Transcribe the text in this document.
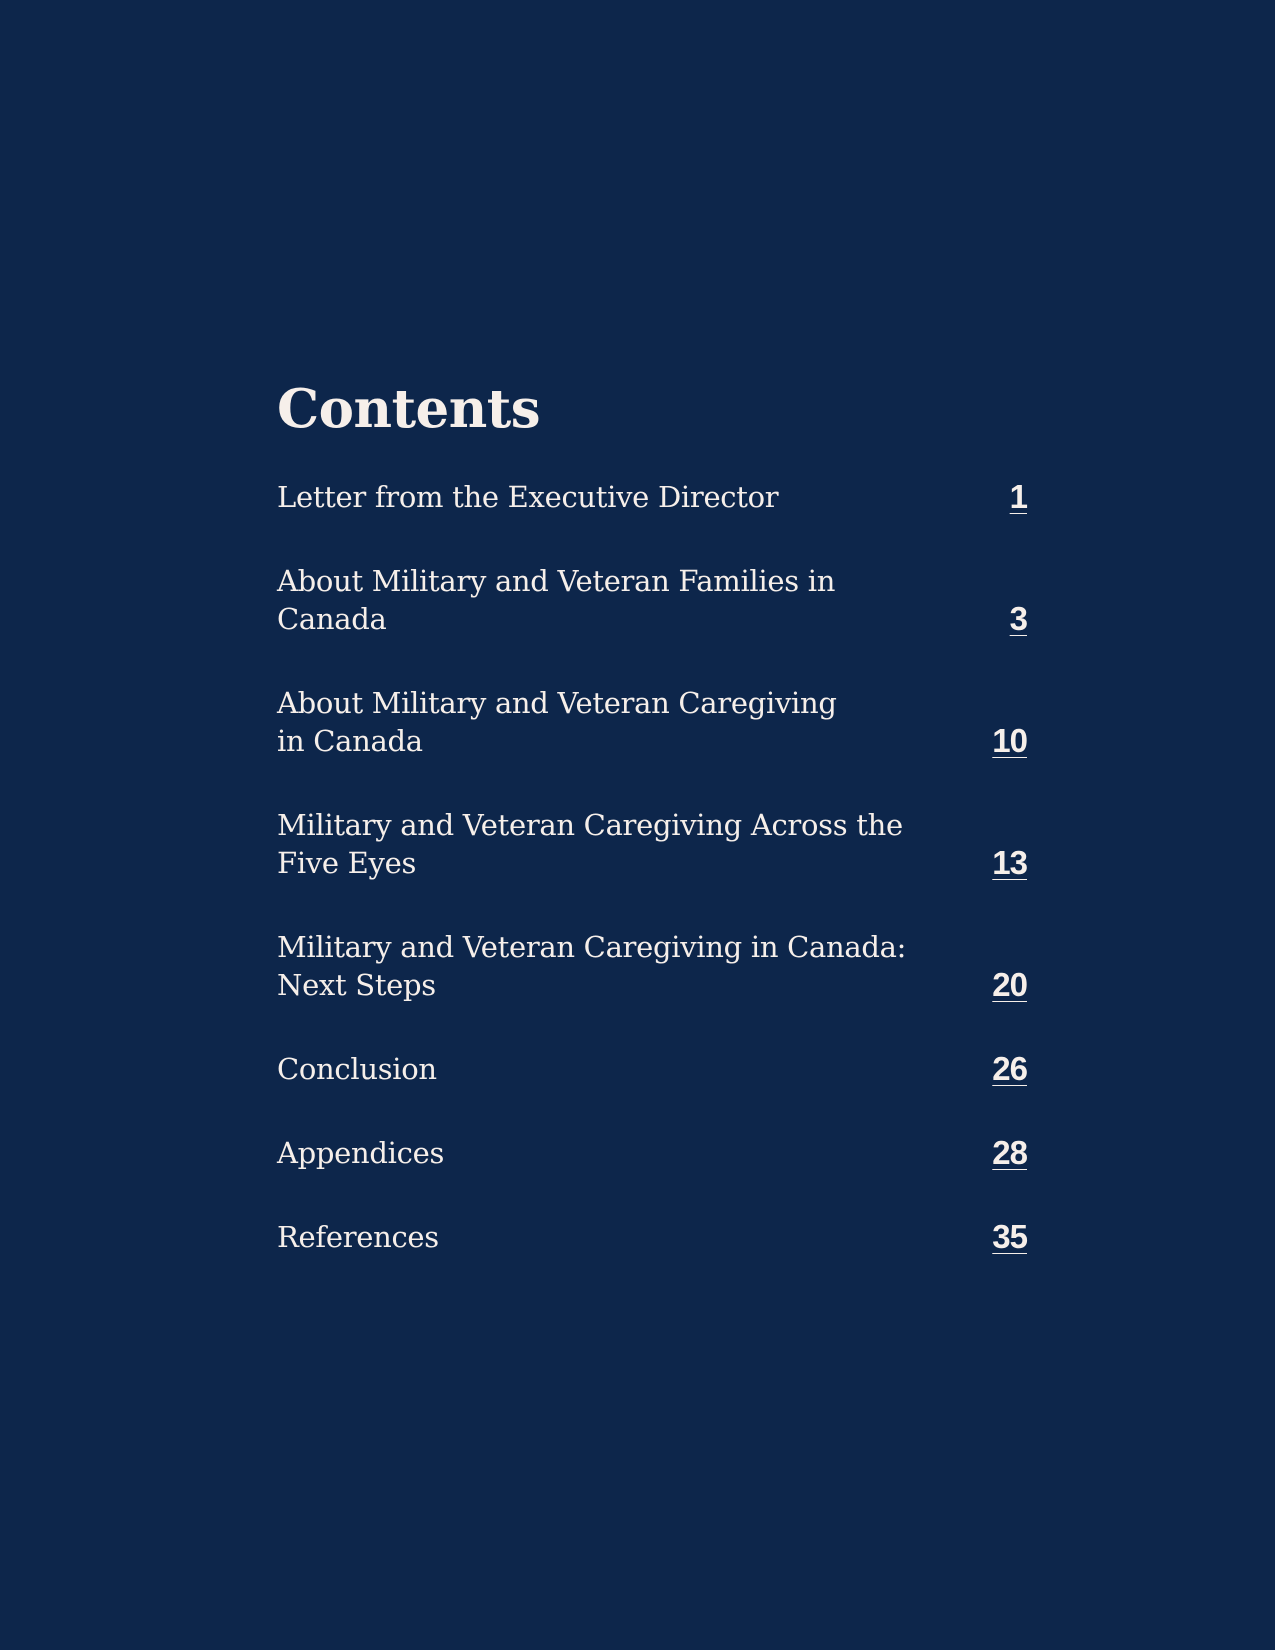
Contents
Letter from the Executive Director	1
About Military and Veteran Families in Canada	3
About Military and Veteran Caregiving
in Canada	10
Military and Veteran Caregiving Across the
Five Eyes	13
Military and Veteran Caregiving in Canada:
Next Steps	20
Conclusion	26
Appendices	28
References	35
